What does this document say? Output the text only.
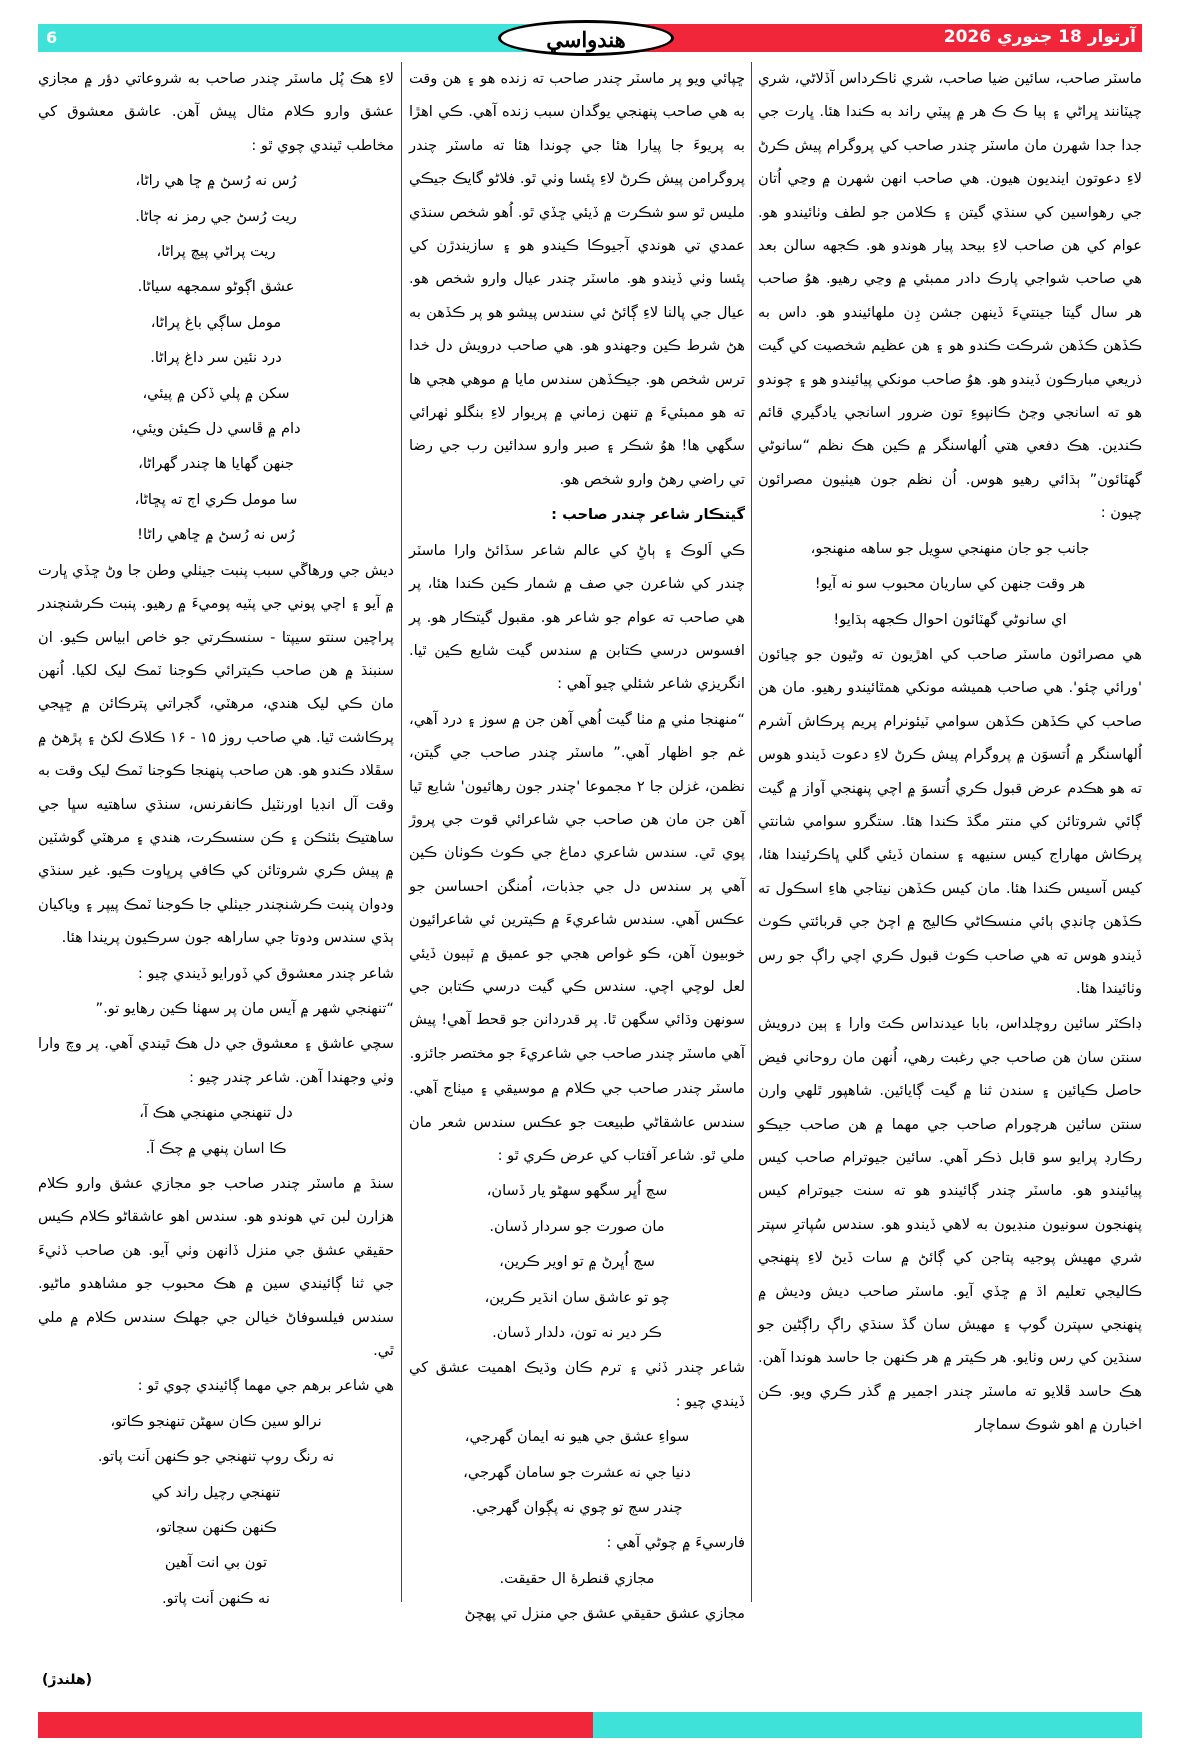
6	آرتوار 18 جنوري 2026
هندواسي

ماسٽر صاحب، سائين ضيا صاحب، شري ٺاڪرداس آڏلاڻي، شري چيٽانند ڀراڻي ۽ ٻيا ڪ ڪ هر ۾ پيٽي راند به ڪندا هئا. ڀارت جي جدا جدا شهرن مان ماسٽر چندر صاحب کي پروگرام پيش ڪرڻ لاءِ دعوتون اينديون هيون. هي صاحب انهن شهرن ۾ وڃي اُتان جي رهواسين کي سنڌي گيتن ۽ ڪلامن جو لطف وٺائيندو هو. عوام کي هن صاحب لاءِ بيحد پيار هوندو هو. ڪجهه سالن بعد هي صاحب شواجي پارڪ دادر ممبئي ۾ وڃي رهيو. هوُ صاحب هر سال گيتا جينتيءَ ڏينهن جشن ڊِن ملهائيندو هو. داس به ڪڏهن ڪڏهن شرڪت ڪندو هو ۽ هن عظيم شخصيت کي گيت ذريعي مبارڪون ڏيندو هو. هوُ صاحب مونکي پيائيندو هو ۽ چوندو هو ته اسانجي وڃڻ ڪانپوءِ تون ضرور اسانجي يادگيري قائم ڪندين. هڪ دفعي هتي اُلهاسنگر ۾ ڪين هڪ نظم “سانوڻي گهٽائون” ٻڌائي رهيو هوس. اُن نظم جون هيٺيون مصرائون چيون :

جانب جو جان منهنجي سوِيل جو ساهه منهنجو،

هر وقت جنهن کي ساريان محبوب سو نه آيو!

اي سانوڻي گهٽائون احوال ڪجهه ٻڌايو!

هي مصرائون ماسٽر صاحب کي اهڙيون ته وڻيون جو چيائون 'ورائي چئو'. هي صاحب هميشه مونکي همٿائيندو رهيو. مان هن صاحب کي ڪڏهن ڪڏهن سوامي ٽيئونرام پريم پرڪاش آشرم اُلهاسنگر ۾ اُتسوَن ۾ پروگرام پيش ڪرڻ لاءِ دعوت ڏيندو هوس ته هو هڪدم عرض قبول ڪري اُتسوَ ۾ اچي پنهنجي آواز ۾ گيت ڳائي شروتائن کي منتر مگڌ ڪندا هئا. ستگرو سوامي شانتي پرڪاش مهاراج کيس سنيهه ۽ سنمان ڏيئي گلي ڀاڪرئيندا هئا، کيس آسيس ڪندا هئا. مان کيس ڪڏهن نيتاجي هاءِ اسڪول ته ڪڏهن چانڊي ٻائي منسڪاڻي ڪاليج ۾ اچڻ جي قربائتي ڪوٺ ڏيندو هوس ته هي صاحب ڪوٺ قبول ڪري اچي راڳ جو رس وٺائيندا هئا.

ڊاڪٽر سائين روچلداس، بابا عيدنداس ڪٽ وارا ۽ ٻين درويش سنتن سان هن صاحب جي رغبت رهي، اُنهن مان روحاني فيض حاصل ڪيائين ۽ سندن ثنا ۾ گيت ڳايائين. شاهپور ٿلهي وارن سنتن سائين هرچورام صاحب جي مهما ۾ هن صاحب جيڪو رڪارڊ پرايو سو قابل ذڪر آهي. سائين جيوترام صاحب کيس پيائيندو هو. ماسٽر چندر ڳائيندو هو ته سنت جيوترام کيس پنهنجون سونيون منڊيون به لاهي ڏيندو هو. سندس سُپاترِ سپتر شري مهيش پوجيه پتاجن کي ڳائڻ ۾ سات ڏيڻ لاءِ پنهنجي ڪاليجي تعليم اڌ ۾ ڇڏي آيو. ماسٽر صاحب ديش وديش ۾ پنهنجي سپترن گوپ ۽ مهيش سان گڏ سنڌي راڳ راڳڻين جو سنڌين کي رس وٺايو. هر ڪيتر ۾ هر ڪنهن جا حاسد هوندا آهن. هڪ حاسد ڦلايو ته ماسٽر چندر اجمير ۾ گذر ڪري ويو. ڪن اخبارن ۾ اهو شوڪ سماچار

ڇپائي ويو پر ماسٽر چندر صاحب ته زنده هو ۽ هن وقت به هي صاحب پنهنجي يوگدان سبب زنده آهي. ڪي اهڙا به پريوءَ جا پيارا هئا جي چوندا هئا ته ماسٽر چندر پروگرامن پيش ڪرڻ لاءِ پئسا وٺي ٿو. فلاڻو گايڪ جيڪي مليس ٿو سو شڪرت ۾ ڏيئي ڇڏي ٿو. اُهو شخص سنڌي عمدي تي هوندي آجيوڪا ڪيندو هو ۽ سازيندڙن کي پئسا وٺي ڏيندو هو. ماسٽر چندر عيال وارو شخص هو. عيال جي پالنا لاءِ ڳائڻ ئي سندس پيشو هو پر ڪڏهن به هڻ شرط ڪين وجهندو هو. هي صاحب درويش دل خدا ترس شخص هو. جيڪڏهن سندس مايا ۾ موهي هجي ها ته هو ممبئيءَ ۾ تنهن زماني ۾ پريوار لاءِ بنگلو ٺهرائي سگهي ها! هوُ شڪر ۽ صبر وارو سدائين رب جي رضا تي راضي رهڻ وارو شخص هو.

گيتڪار شاعر چندر صاحب :

ڪي اَلوڪ ۽ ٻاڻِ کي عالم شاعر سڏائڻ وارا ماسٽر چندر کي شاعرن جي صف ۾ شمار ڪين ڪندا هئا، پر هي صاحب ته عوام جو شاعر هو. مقبول گيتڪار هو. پر افسوس درسي ڪتابن ۾ سندس گيت شايع ڪين ٿيا. انگريزي شاعر شئلي چيو آهي :

“منهنجا مٺي ۾ مٺا گيت اُهي آهن جن ۾ سوز ۽ درد آهي، غم جو اظهار آهي.” ماسٽر چندر صاحب جي گيتن، نظمن، غزلن جا ۲ مجموعا 'چندر جون رهائيون' شايع ٿيا آهن جن مان هن صاحب جي شاعرائي قوت جي پروڙ پوي ٿي. سندس شاعري دماغ جي ڪوٺ ڪوٺان ڪين آهي پر سندس دل جي جذبات، اُمنگن احساسن جو عڪس آهي. سندس شاعريءَ ۾ ڪيترين ئي شاعرائيون خوبيون آهن، ڪو غواص هجي جو عميق ۾ ٽٻيون ڏيئي لعل لوچي اچي. سندس ڪي گيت درسي ڪتابن جي سونهن وڌائي سگهن ٿا. پر قدردانن جو قحط آهي! پيش آهي ماسٽر چندر صاحب جي شاعريءَ جو مختصر جائزو.

ماسٽر چندر صاحب جي ڪلام ۾ موسيقي ۽ ميٺاج آهي. سندس عاشقاڻي طبيعت جو عڪس سندس شعر مان ملي ٿو. شاعر آفتاب کي عرض ڪري ٿو :

سڄ اُڀر سگهو سهڻو يار ڏسان،

مان صورت جو سردار ڏسان.

سڄ اُڀرڻ ۾ تو اوير ڪرين،

چو تو عاشق سان انڌير ڪرين،

ڪر دير نه تون، دلدار ڏسان.

شاعر چندر ڏٺي ۽ ترم ڪان وڌيڪ اهميت عشق کي ڏيندي چيو :

سواءِ عشق جي هيو نه ايمان گهرجي،

دنيا جي نه عشرت جو سامان گهرجي،

چندر سڄ تو چوي نه پڳوان گهرجي.

فارسيءَ ۾ چوڻي آهي :

مجازي قنطرهٔ ال حقيقت.

مجازي عشق حقيقي عشق جي منزل تي پهچڻ

لاءِ هڪ پُل ماسٽر چندر صاحب به شروعاتي دؤر ۾ مجازي عشق وارو ڪلام مثال پيش آهن. عاشق معشوق کي مخاطب ٿيندي چوي ٿو :

رُس نه رُسڻ ۾ ڇا هي راڻا،

ريت رُسڻ جي رمز نه ڄاڻا.

ريت پراڻي پيچ پراڻا،

عشق اڳوڻو سمجهه سياڻا.

مومل ساڳي باغ پراڻا،

درد نئين سر داغ پراڻا.

سکن ۾ پلي ڏکن ۾ پيئي،

دام ۾ ڦاسي دل ڪيئن ويئي،

جنهن گهايا ها چندر گهراڻا،

سا مومل ڪري اڄ ته پڇاڻا،

رُس نه رُسڻ ۾ ڇاهي راڻا!

ديش جي ورهاڱي سبب پنبت جيٺلي وطن جا وڻ ڇڏي ڀارت ۾ آيو ۽ اچي پوني جي پٽيه پوميءَ ۾ رهيو. پنبت ڪرشنچندر پراچين سنتو سيپتا - سنسڪرتي جو خاص ابياس ڪيو. ان سنبنڌ ۾ هن صاحب ڪيترائي ڪوجنا ٽمڪ ليک لکيا. اُنهن مان ڪي ليک هندي، مرهٽي، گجراتي پترڪائن ۾ ڇڀجي پرڪاشت ٿيا. هي صاحب روز ۱۵ - ۱۶ ڪلاڪ لکڻ ۽ پڙهڻ ۾ سڦلاد ڪندو هو. هن صاحب پنهنجا ڪوجنا ٽمڪ ليک وقت به وقت آل انڊيا اورنٽيل ڪانفرنس، سنڌي ساهتيه سڀا جي ساهتيڪ بئٺڪن ۽ ڪن سنسڪرت، هندي ۽ مرهٽي گوشٽين ۾ پيش ڪري شروتائن کي ڪافي پرڀاوت ڪيو. غير سنڌي ودوان پنبت ڪرشنچندر جيٺلي جا ڪوجنا ٽمڪ پيپر ۽ وياکيان ٻڌي سندس ودوتا جي ساراهه جون سرڪيون پريندا هئا.

شاعر چندر معشوق کي ڏورايو ڏيندي چيو :

“تنهنجي شهر ۾ آيس مان پر سهٺا ڪين رهايو تو.”

سچي عاشق ۽ معشوق جي دل هڪ ٿيندي آهي. پر وچ وارا وٺي وجهندا آهن. شاعر چندر چيو :

دل تنهنجي منهنجي هڪ آ،

ڪا اسان پنهي ۾ چڪ آ.

سنڌ ۾ ماسٽر چندر صاحب جو مجازي عشق وارو ڪلام هزارن لبن تي هوندو هو. سندس اهو عاشقاڻو ڪلام ڪيس حقيقي عشق جي منزل ڏانهن وٺي آيو. هن صاحب ڏٺيءَ جي ثنا ڳائيندي سين ۾ هڪ محبوب جو مشاهدو ماڻيو. سندس فيلسوفاڻ خيالن جي جهلڪ سندس ڪلام ۾ ملي ٿي.

هي شاعر برهم جي مهما ڳائيندي چوي ٿو :

نرالو سين ڪان سهڻن تنهنجو ڪاتو،

نه رنگ روپ تنهنجي جو ڪنهن اَنت پاتو.

تنهنجي رچيل راند کي

ڪنهن ڪنهن سڃاتو،

تون بي انت آهين

نه ڪنهن اَنت پاتو.

(هلندڙ)
